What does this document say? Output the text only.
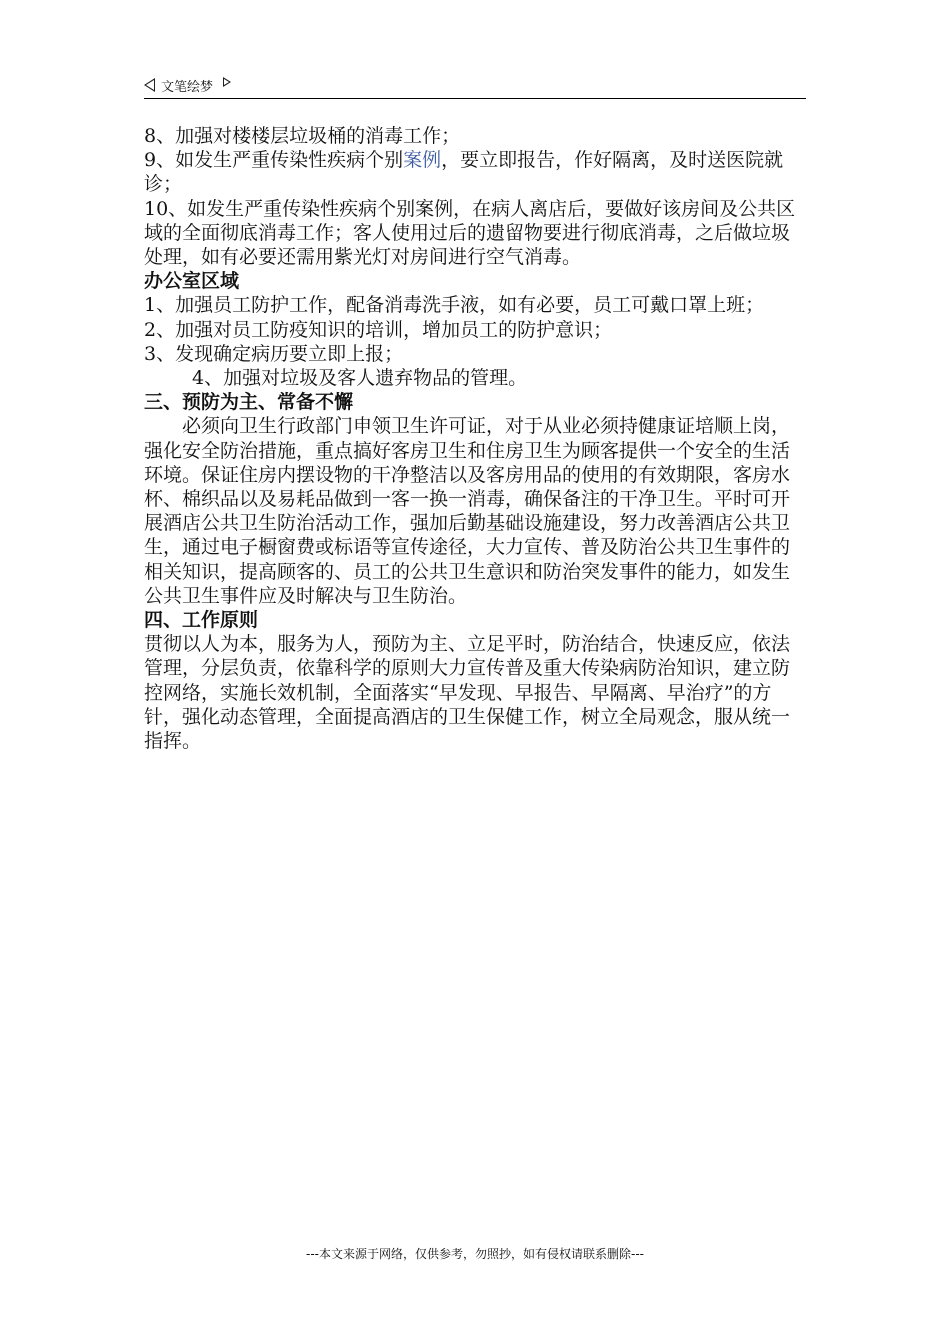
文笔绘梦

8、加强对楼楼层垃圾桶的消毒工作；

9、如发生严重传染性疾病个别案例，要立即报告，作好隔离，及时送医院就诊；

10、如发生严重传染性疾病个别案例，在病人离店后，要做好该房间及公共区域的全面彻底消毒工作；客人使用过后的遗留物要进行彻底消毒，之后做垃圾处理，如有必要还需用紫光灯对房间进行空气消毒。

办公室区域

1、加强员工防护工作，配备消毒洗手液，如有必要，员工可戴口罩上班；

2、加强对员工防疫知识的培训，增加员工的防护意识；

3、发现确定病历要立即上报；

4、加强对垃圾及客人遗弃物品的管理。

三、预防为主、常备不懈

必须向卫生行政部门申领卫生许可证，对于从业必须持健康证培顺上岗，强化安全防治措施，重点搞好客房卫生和住房卫生为顾客提供一个安全的生活环境。保证住房内摆设物的干净整洁以及客房用品的使用的有效期限，客房水杯、棉织品以及易耗品做到一客一换一消毒，确保备注的干净卫生。平时可开展酒店公共卫生防治活动工作，强加后勤基础设施建设，努力改善酒店公共卫生，通过电子橱窗费或标语等宣传途径，大力宣传、普及防治公共卫生事件的相关知识，提高顾客的、员工的公共卫生意识和防治突发事件的能力，如发生公共卫生事件应及时解决与卫生防治。

四、工作原则

贯彻以人为本，服务为人，预防为主、立足平时，防治结合，快速反应，依法管理，分层负责，依靠科学的原则大力宣传普及重大传染病防治知识，建立防控网络，实施长效机制，全面落实“早发现、早报告、早隔离、早治疗”的方针，强化动态管理，全面提高酒店的卫生保健工作，树立全局观念，服从统一指挥。

---本文来源于网络，仅供参考，勿照抄，如有侵权请联系删除---
